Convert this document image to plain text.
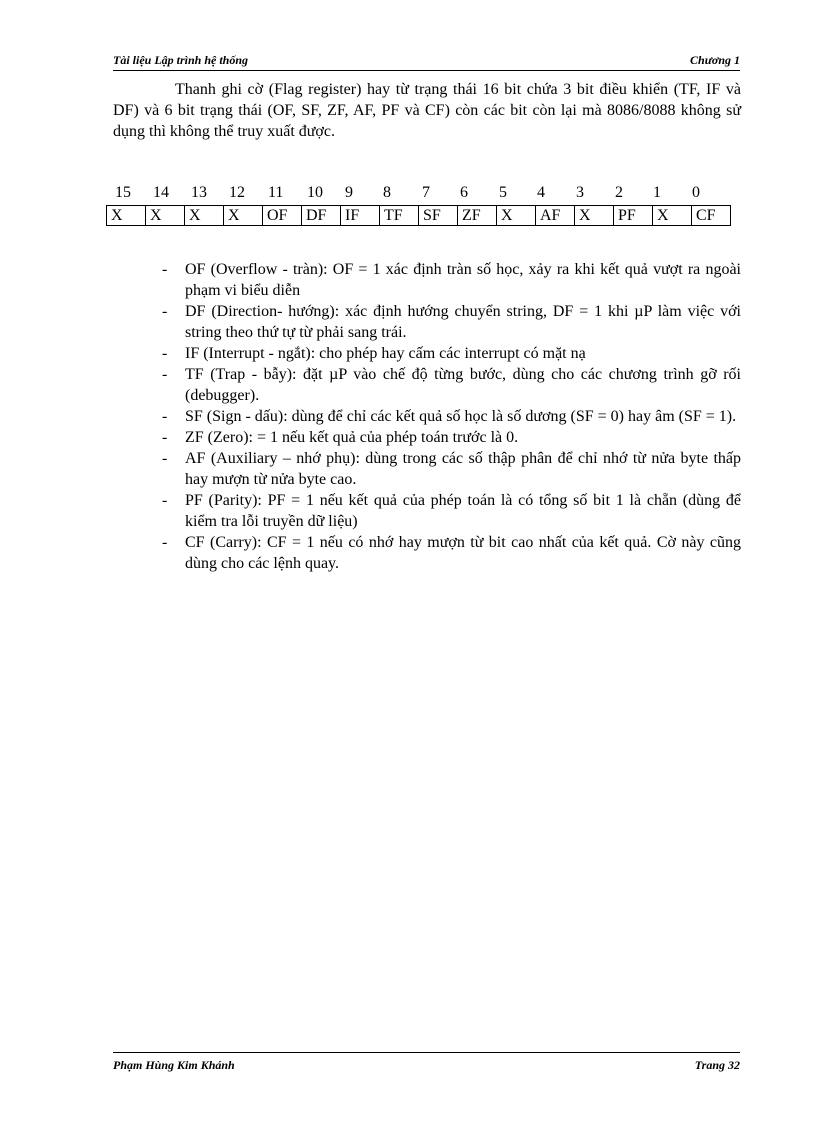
Tài liệu Lập trình hệ thống	Chương 1

Thanh ghi cờ (Flag register) hay từ trạng thái 16 bit chứa 3 bit điều khiển (TF, IF và DF) và 6 bit trạng thái (OF, SF, ZF, AF, PF và CF) còn các bit còn lại mà 8086/8088 không sử dụng thì không thể truy xuất được.

15 14 13 12 11 10 9 8 7 6 5 4 3 2 1 0
X	X	X	X	OF	DF	IF	TF	SF	ZF	X	AF	X	PF	X	CF
- OF (Overflow - tràn): OF = 1 xác định tràn số học, xảy ra khi kết quả vượt ra ngoài phạm vi biểu diễn
- DF (Direction- hướng): xác định hướng chuyển string, DF = 1 khi µP làm việc với string theo thứ tự từ phải sang trái.
- IF (Interrupt - ngắt): cho phép hay cấm các interrupt có mặt nạ
- TF (Trap - bẫy): đặt µP vào chế độ từng bước, dùng cho các chương trình gỡ rối (debugger).
- SF (Sign - dấu): dùng để chỉ các kết quả số học là số dương (SF = 0) hay âm (SF = 1).
- ZF (Zero): = 1 nếu kết quả của phép toán trước là 0.
- AF (Auxiliary – nhớ phụ): dùng trong các số thập phân để chỉ nhớ từ nửa byte thấp hay mượn từ nửa byte cao.
- PF (Parity): PF = 1 nếu kết quả của phép toán là có tổng số bit 1 là chẵn (dùng để kiểm tra lỗi truyền dữ liệu)
- CF (Carry): CF = 1 nếu có nhớ hay mượn từ bit cao nhất của kết quả. Cờ này cũng dùng cho các lệnh quay.
Phạm Hùng Kim Khánh	Trang 32
